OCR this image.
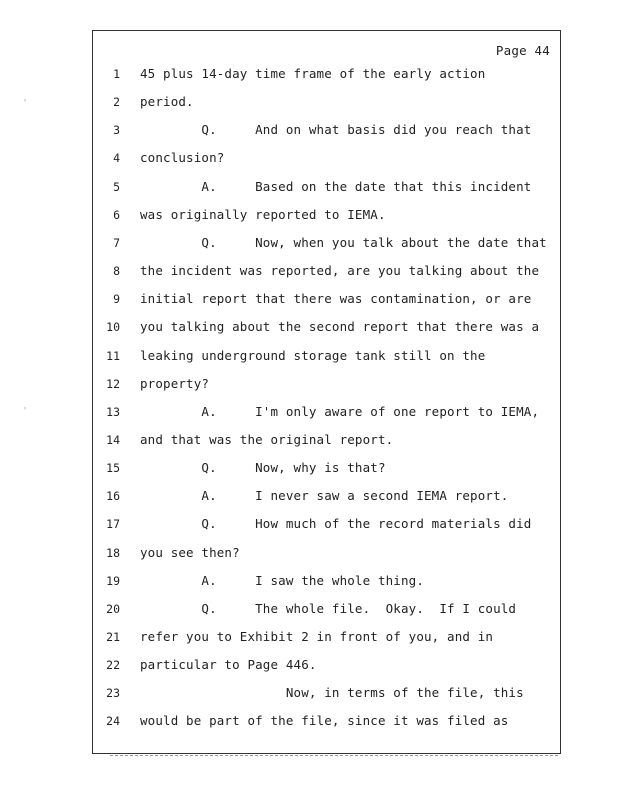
Page 44
1 45 plus 14-day time frame of the early action
2 period.
3 Q.     And on what basis did you reach that
4 conclusion?
5 A.     Based on the date that this incident
6 was originally reported to IEMA.
7 Q.     Now, when you talk about the date that
8 the incident was reported, are you talking about the
9 initial report that there was contamination, or are
10 you talking about the second report that there was a
11 leaking underground storage tank still on the
12 property?
13 A.     I'm only aware of one report to IEMA,
14 and that was the original report.
15 Q.     Now, why is that?
16 A.     I never saw a second IEMA report.
17 Q.     How much of the record materials did
18 you see then?
19 A.     I saw the whole thing.
20 Q.     The whole file.  Okay.  If I could
21 refer you to Exhibit 2 in front of you, and in
22 particular to Page 446.
23 Now, in terms of the file, this
24 would be part of the file, since it was filed as
ˌ
ˌ
